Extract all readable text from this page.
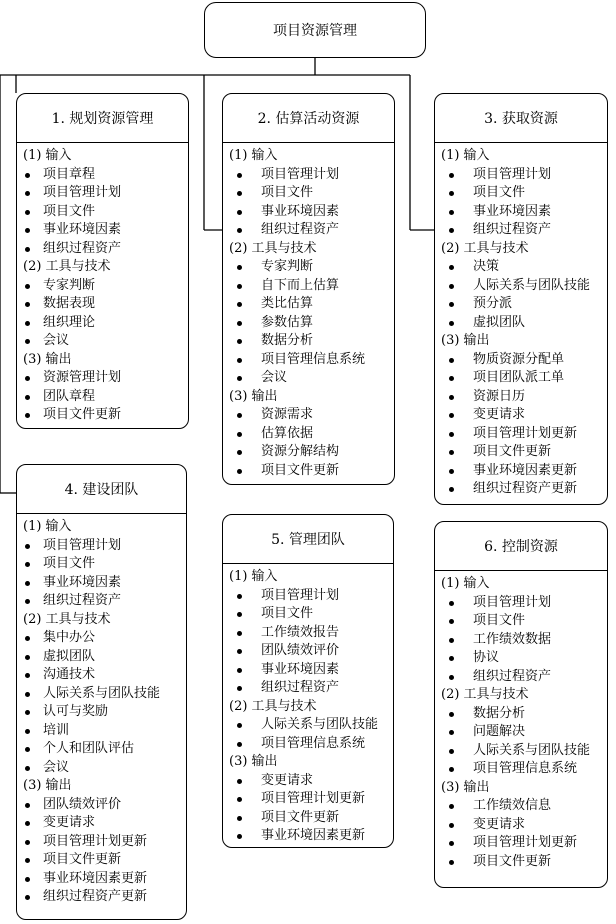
项目资源管理
1. 规划资源管理
(1) 输入
项目章程
项目管理计划
项目文件
事业环境因素
组织过程资产
(2) 工具与技术
专家判断
数据表现
组织理论
会议
(3) 输出
资源管理计划
团队章程
项目文件更新
2. 估算活动资源
(1) 输入
项目管理计划
项目文件
事业环境因素
组织过程资产
(2) 工具与技术
专家判断
自下而上估算
类比估算
参数估算
数据分析
项目管理信息系统
会议
(3) 输出
资源需求
估算依据
资源分解结构
项目文件更新
3. 获取资源
(1) 输入
项目管理计划
项目文件
事业环境因素
组织过程资产
(2) 工具与技术
决策
人际关系与团队技能
预分派
虚拟团队
(3) 输出
物质资源分配单
项目团队派工单
资源日历
变更请求
项目管理计划更新
项目文件更新
事业环境因素更新
组织过程资产更新
4. 建设团队
(1) 输入
项目管理计划
项目文件
事业环境因素
组织过程资产
(2) 工具与技术
集中办公
虚拟团队
沟通技术
人际关系与团队技能
认可与奖励
培训
个人和团队评估
会议
(3) 输出
团队绩效评价
变更请求
项目管理计划更新
项目文件更新
事业环境因素更新
组织过程资产更新
5. 管理团队
(1) 输入
项目管理计划
项目文件
工作绩效报告
团队绩效评价
事业环境因素
组织过程资产
(2) 工具与技术
人际关系与团队技能
项目管理信息系统
(3) 输出
变更请求
项目管理计划更新
项目文件更新
事业环境因素更新
6. 控制资源
(1) 输入
项目管理计划
项目文件
工作绩效数据
协议
组织过程资产
(2) 工具与技术
数据分析
问题解决
人际关系与团队技能
项目管理信息系统
(3) 输出
工作绩效信息
变更请求
项目管理计划更新
项目文件更新
